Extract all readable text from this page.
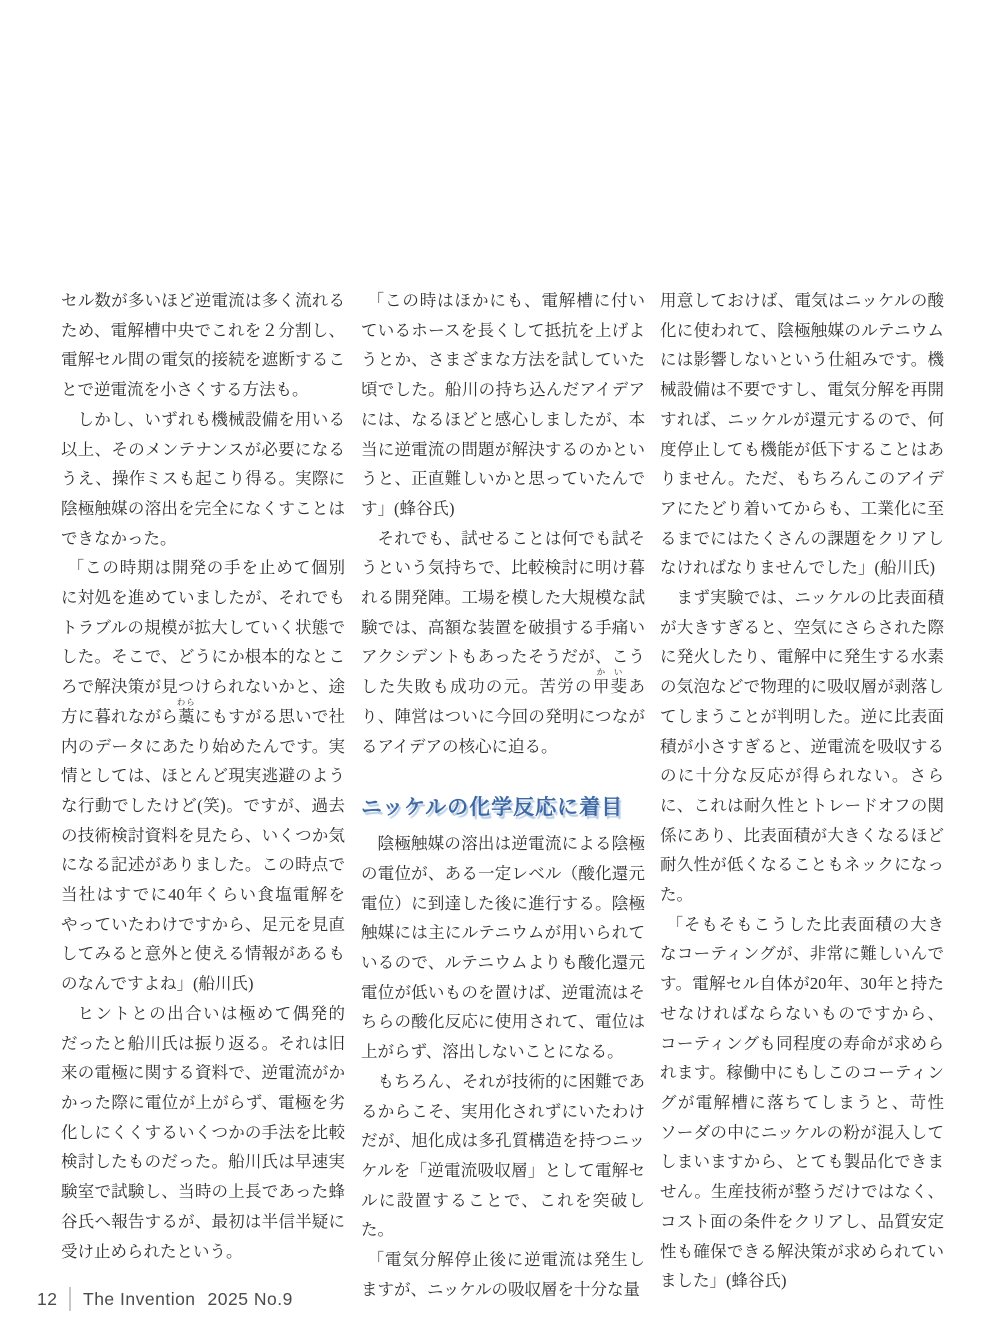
セル数が多いほど逆電流は多く流れるため、電解槽中央でこれを２分割し、電解セル間の電気的接続を遮断することで逆電流を小さくする方法も。

しかし、いずれも機械設備を用いる以上、そのメンテナンスが必要になるうえ、操作ミスも起こり得る。実際に陰極触媒の溶出を完全になくすことはできなかった。

「この時期は開発の手を止めて個別に対処を進めていましたが、それでもトラブルの規模が拡大していく状態でした。そこで、どうにか根本的なところで解決策が見つけられないかと、途方に暮れながら藁わらにもすがる思いで社内のデータにあたり始めたんです。実情としては、ほとんど現実逃避のような行動でしたけど(笑)。ですが、過去の技術検討資料を見たら、いくつか気になる記述がありました。この時点で当社はすでに40年くらい食塩電解をやっていたわけですから、足元を見直してみると意外と使える情報があるものなんですよね」(船川氏)

ヒントとの出合いは極めて偶発的だったと船川氏は振り返る。それは旧来の電極に関する資料で、逆電流がかかった際に電位が上がらず、電極を劣化しにくくするいくつかの手法を比較検討したものだった。船川氏は早速実験室で試験し、当時の上長であった蜂谷氏へ報告するが、最初は半信半疑に受け止められたという。

「この時はほかにも、電解槽に付いているホースを長くして抵抗を上げようとか、さまざまな方法を試していた頃でした。船川の持ち込んだアイデアには、なるほどと感心しましたが、本当に逆電流の問題が解決するのかというと、正直難しいかと思っていたんです」(蜂谷氏)

それでも、試せることは何でも試そうという気持ちで、比較検討に明け暮れる開発陣。工場を模した大規模な試験では、高額な装置を破損する手痛いアクシデントもあったそうだが、こうした失敗も成功の元。苦労の甲斐かいあり、陣営はついに今回の発明につながるアイデアの核心に迫る。

ニッケルの化学反応に着目

陰極触媒の溶出は逆電流による陰極の電位が、ある一定レベル（酸化還元電位）に到達した後に進行する。陰極触媒には主にルテニウムが用いられているので、ルテニウムよりも酸化還元電位が低いものを置けば、逆電流はそちらの酸化反応に使用されて、電位は上がらず、溶出しないことになる。

もちろん、それが技術的に困難であるからこそ、実用化されずにいたわけだが、旭化成は多孔質構造を持つニッケルを「逆電流吸収層」として電解セルに設置することで、これを突破した。

「電気分解停止後に逆電流は発生しますが、ニッケルの吸収層を十分な量

用意しておけば、電気はニッケルの酸化に使われて、陰極触媒のルテニウムには影響しないという仕組みです。機械設備は不要ですし、電気分解を再開すれば、ニッケルが還元するので、何度停止しても機能が低下することはありません。ただ、もちろんこのアイデアにたどり着いてからも、工業化に至るまでにはたくさんの課題をクリアしなければなりませんでした」(船川氏)

まず実験では、ニッケルの比表面積が大きすぎると、空気にさらされた際に発火したり、電解中に発生する水素の気泡などで物理的に吸収層が剥落してしまうことが判明した。逆に比表面積が小さすぎると、逆電流を吸収するのに十分な反応が得られない。さらに、これは耐久性とトレードオフの関係にあり、比表面積が大きくなるほど耐久性が低くなることもネックになった。

「そもそもこうした比表面積の大きなコーティングが、非常に難しいんです。電解セル自体が20年、30年と持たせなければならないものですから、コーティングも同程度の寿命が求められます。稼働中にもしこのコーティングが電解槽に落ちてしまうと、苛性ソーダの中にニッケルの粉が混入してしまいますから、とても製品化できません。生産技術が整うだけではなく、コスト面の条件をクリアし、品質安定性も確保できる解決策が求められていました」(蜂谷氏)

12 The Invention 2025 No.9
